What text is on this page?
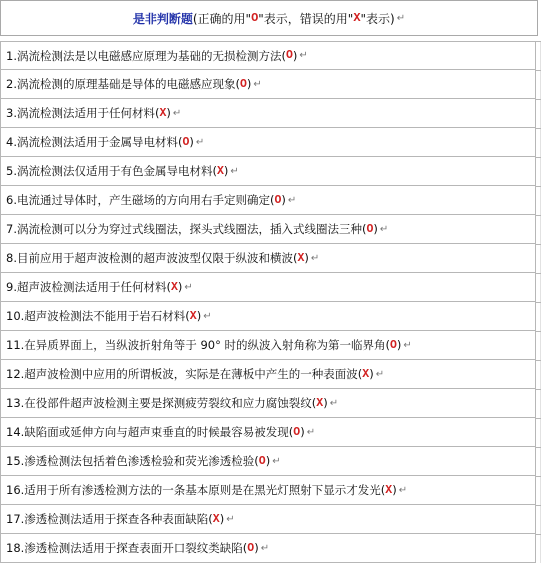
是非判断题 (正确的用" O "表示，错误的用" X "表示) ↵
1. 涡流检测法是以电磁感应原理为基础的无损检测方法( O ) ↵
2. 涡流检测的原理基础是导体的电磁感应现象( O ) ↵
3. 涡流检测法适用于任何材料( X ) ↵
4. 涡流检测法适用于金属导电材料( O ) ↵
5. 涡流检测法仅适用于有色金属导电材料( X ) ↵
6. 电流通过导体时，产生磁场的方向用右手定则确定( O ) ↵
7. 涡流检测可以分为穿过式线圈法，探头式线圈法，插入式线圈法三种( O ) ↵
8. 目前应用于超声波检测的超声波波型仅限于纵波和横波( X ) ↵
9. 超声波检测法适用于任何材料( X ) ↵
10. 超声波检测法不能用于岩石材料( X ) ↵
11. 在异质界面上，当纵波折射角等于 90° 时的纵波入射角称为第一临界角( O ) ↵
12. 超声波检测中应用的所谓板波，实际是在薄板中产生的一种表面波( X ) ↵
13. 在役部件超声波检测主要是探测疲劳裂纹和应力腐蚀裂纹( X ) ↵
14. 缺陷面或延伸方向与超声束垂直的时候最容易被发现( O ) ↵
15. 渗透检测法包括着色渗透检验和荧光渗透检验( O ) ↵
16. 适用于所有渗透检测方法的一条基本原则是在黑光灯照射下显示才发光( X ) ↵
17. 渗透检测法适用于探查各种表面缺陷( X ) ↵
18. 渗透检测法适用于探查表面开口裂纹类缺陷( O ) ↵
